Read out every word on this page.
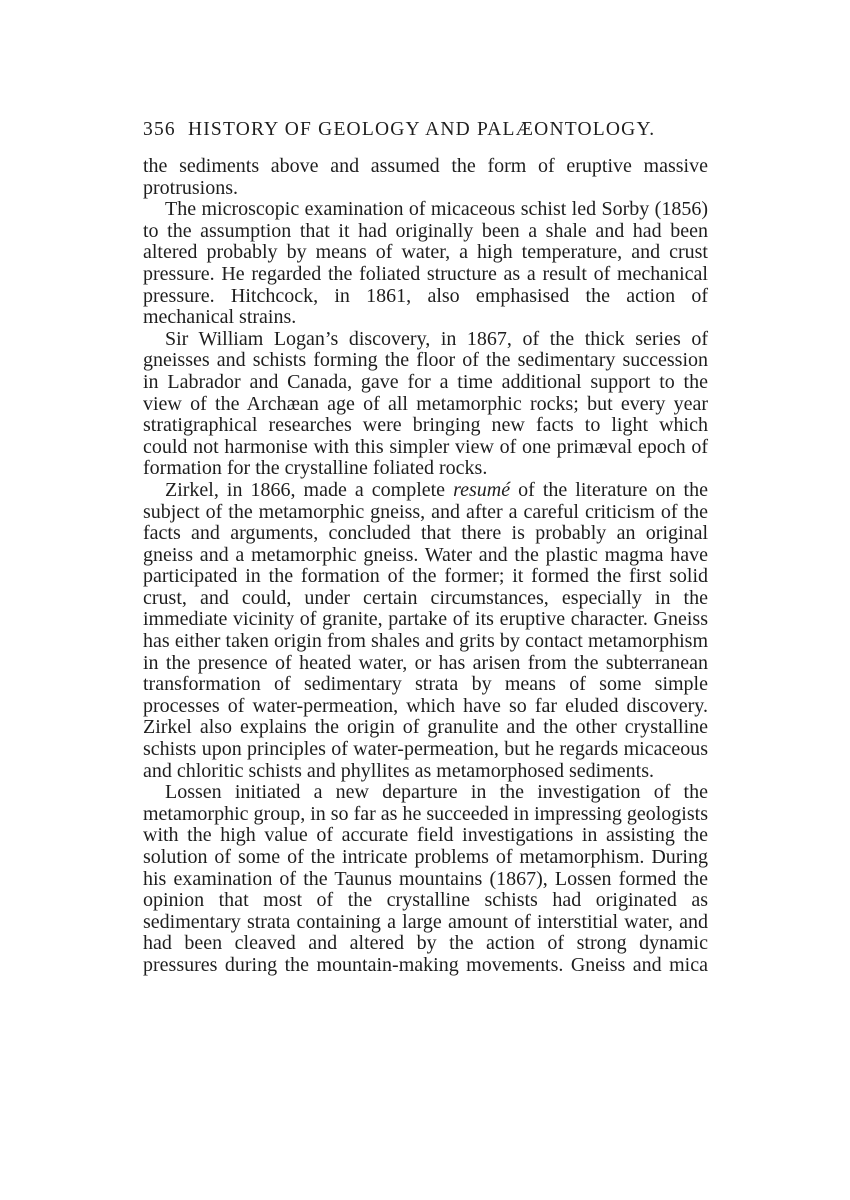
356 HISTORY OF GEOLOGY AND PALÆONTOLOGY.

the sediments above and assumed the form of eruptive massive protrusions.

The microscopic examination of micaceous schist led Sorby (1856) to the assumption that it had originally been a shale and had been altered probably by means of water, a high temperature, and crust pressure. He regarded the foliated structure as a result of mechanical pressure. Hitchcock, in 1861, also emphasised the action of mechanical strains.

Sir William Logan’s discovery, in 1867, of the thick series of gneisses and schists forming the floor of the sedimentary succession in Labrador and Canada, gave for a time additional support to the view of the Archæan age of all metamorphic rocks; but every year stratigraphical researches were bringing new facts to light which could not harmonise with this simpler view of one primæval epoch of formation for the crystalline foliated rocks.

Zirkel, in 1866, made a complete resumé of the literature on the subject of the metamorphic gneiss, and after a careful criticism of the facts and arguments, concluded that there is probably an original gneiss and a metamorphic gneiss. Water and the plastic magma have participated in the formation of the former; it formed the first solid crust, and could, under certain circumstances, especially in the immediate vicinity of granite, partake of its eruptive character. Gneiss has either taken origin from shales and grits by contact metamorphism in the presence of heated water, or has arisen from the subterranean transformation of sedimentary strata by means of some simple processes of water-permeation, which have so far eluded discovery. Zirkel also explains the origin of granulite and the other crystalline schists upon principles of water-permeation, but he regards micaceous and chloritic schists and phyllites as metamorphosed sediments.

Lossen initiated a new departure in the investigation of the metamorphic group, in so far as he succeeded in impressing geologists with the high value of accurate field investigations in assisting the solution of some of the intricate problems of metamorphism. During his examination of the Taunus mountains (1867), Lossen formed the opinion that most of the crystalline schists had originated as sedimentary strata containing a large amount of interstitial water, and had been cleaved and altered by the action of strong dynamic pressures during the mountain-making movements. Gneiss and mica
